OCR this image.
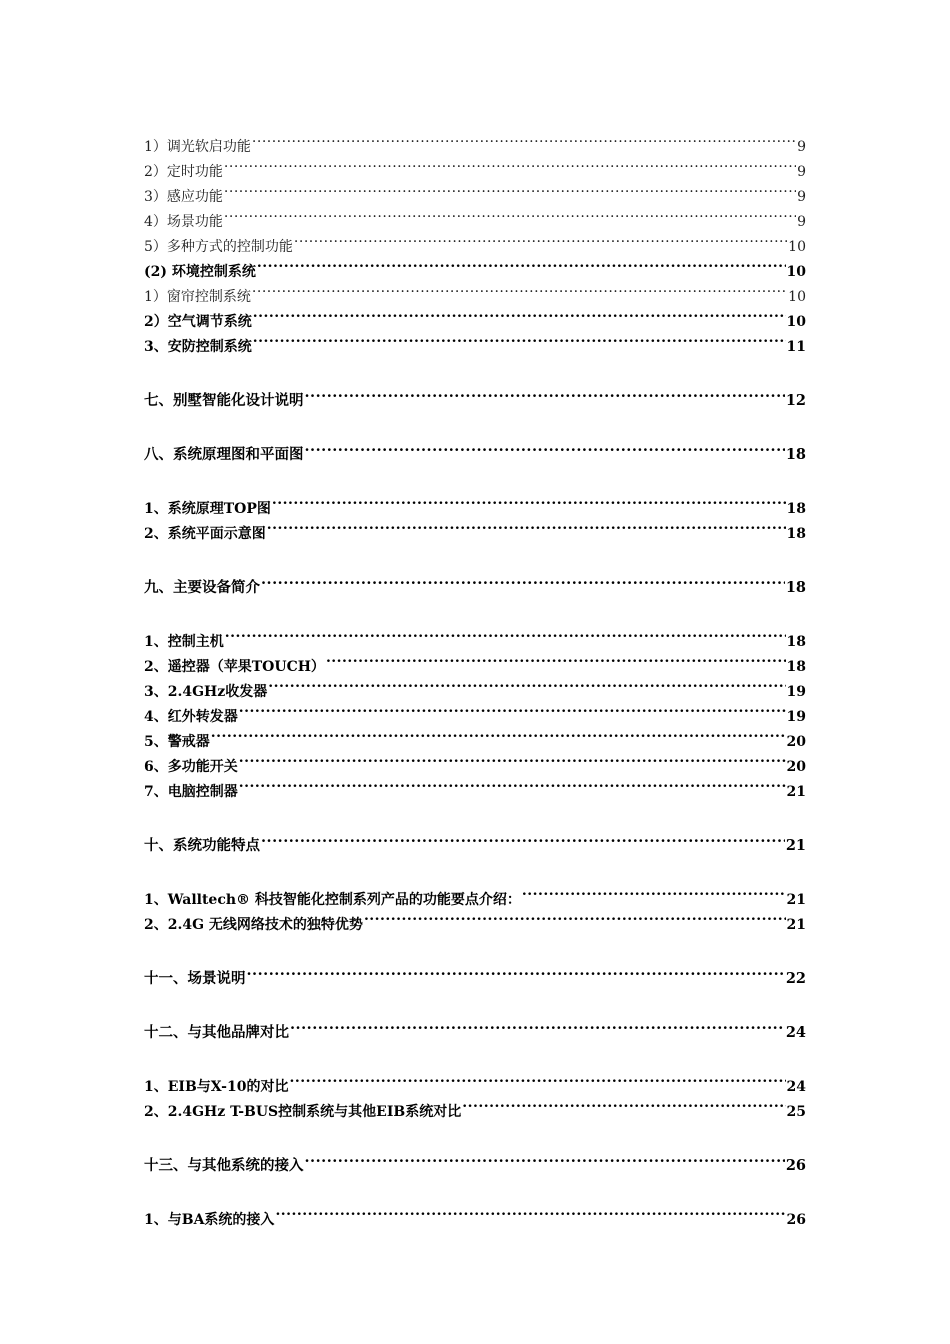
1）调光软启功能 .....	9
2）定时功能 .....	9
3）感应功能 .....	9
4）场景功能 .....	9
5）多种方式的控制功能 .....	10
(2) 环境控制系统 .....	10
1）窗帘控制系统 .....	10
2）空气调节系统 .....	10
3、安防控制系统 .....	11
七、别墅智能化设计说明 .....	12
八、系统原理图和平面图 .....	18
1、系统原理TOP图 .....	18
2、系统平面示意图 .....	18
九、主要设备简介 .....	18
1、控制主机 .....	18
2、遥控器（苹果TOUCH） .....	18
3、2.4GHz收发器 .....	19
4、红外转发器 .....	19
5、警戒器 .....	20
6、多功能开关 .....	20
7、电脑控制器 .....	21
十、系统功能特点 .....	21
1、Walltech® 科技智能化控制系列产品的功能要点介绍： .....	21
2、2.4G 无线网络技术的独特优势 .....	21
十一、场景说明 .....	22
十二、与其他品牌对比 .....	24
1、EIB与X-10的对比 .....	24
2、2.4GHz T-BUS控制系统与其他EIB系统对比 .....	25
十三、与其他系统的接入 .....	26
1、与BA系统的接入 .....	26
